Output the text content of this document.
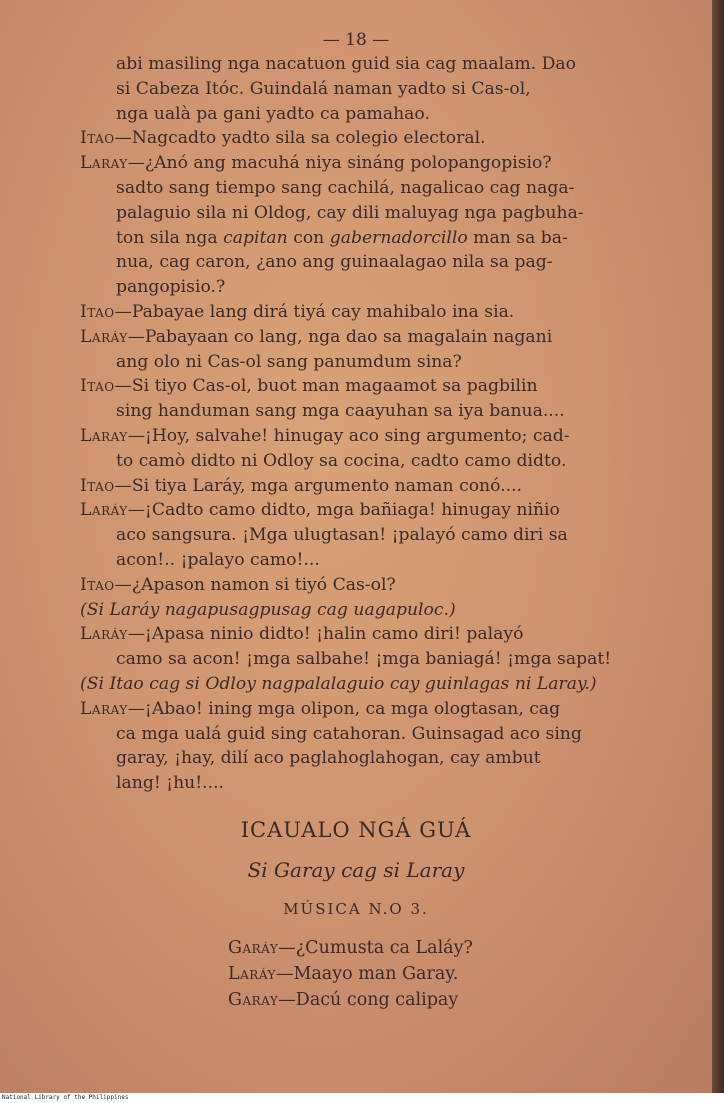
— 18 —

abi masiling nga nacatuon guid sia cag maalam. Dao

si Cabeza Itóc. Guindalá naman yadto si Cas-ol,

nga ualà pa gani yadto ca pamahao.

Itao—Nagcadto yadto sila sa colegio electoral.

Laray—¿Anó ang macuhá niya sináng polopangopisio?

sadto sang tiempo sang cachilá, nagalicao cag naga-

palaguio sila ni Oldog, cay dili maluyag nga pagbuha-

ton sila nga capitan con gabernadorcillo man sa ba-

nua, cag caron, ¿ano ang guinaalagao nila sa pag-

pangopisio.?

Itao—Pabayae lang dirá tiyá cay mahibalo ina sia.

Laráy—Pabayaan co lang, nga dao sa magalain nagani

ang olo ni Cas-ol sang panumdum sina?

Itao—Si tiyo Cas-ol, buot man magaamot sa pagbilin

sing handuman sang mga caayuhan sa iya banua....

Laray—¡Hoy, salvahe! hinugay aco sing argumento; cad-

to camò didto ni Odloy sa cocina, cadto camo didto.

Itao—Si tiya Laráy, mga argumento naman conó....

Laráy—¡Cadto camo didto, mga bañiaga! hinugay niñio

aco sangsura. ¡Mga ulugtasan! ¡palayó camo diri sa

acon!.. ¡palayo camo!...

Itao—¿Apason namon si tiyó Cas-ol?

(Si Laráy nagapusagpusag cag uagapuloc.)

Laráy—¡Apasa ninio didto! ¡halin camo diri! palayó

camo sa acon! ¡mga salbahe! ¡mga baniagá! ¡mga sapat!

(Si Itao cag si Odloy nagpalalaguio cay guinlagas ni Laray.)

Laray—¡Abao! ining mga olipon, ca mga ologtasan, cag

ca mga ualá guid sing catahoran. Guinsagad aco sing

garay, ¡hay, dilí aco paglahoglahogan, cay ambut

lang! ¡hu!....

ICAUALO NGÁ GUÁ
Si Garay cag si Laray
MÚSICA N.O 3.

Garáy—¿Cumusta ca Laláy?

Laráy—Maayo man Garay.

Garay—Dacú cong calipay

National Library of the Philippines
